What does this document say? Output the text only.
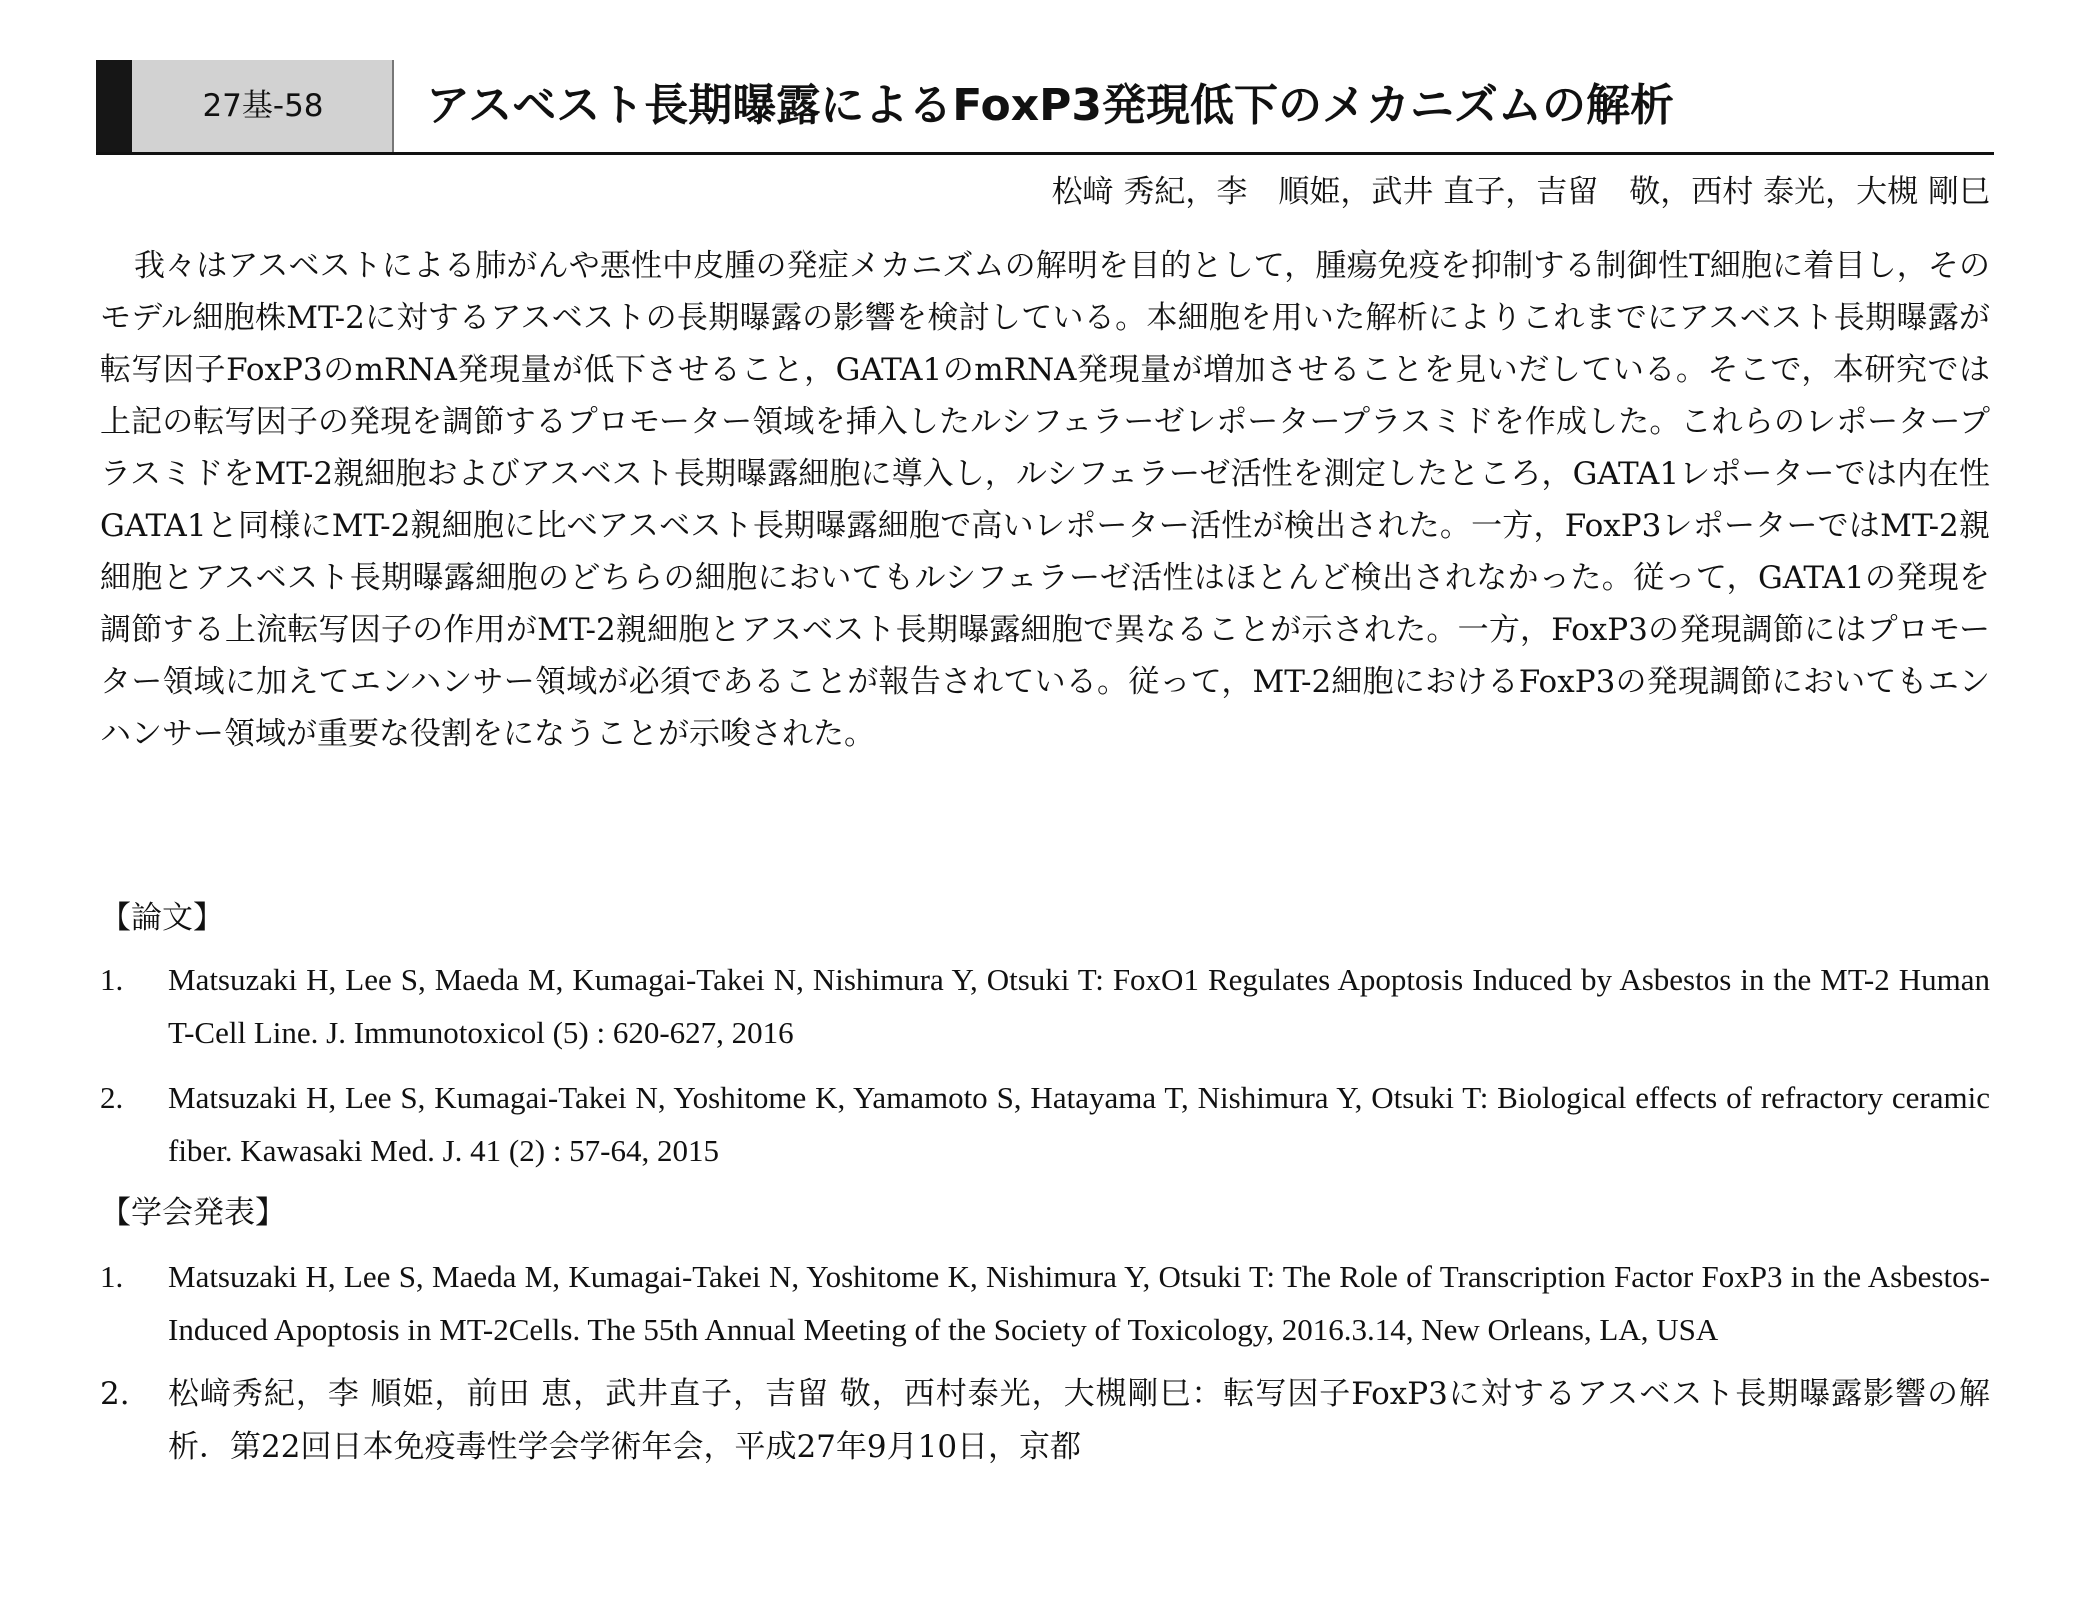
27基-58	アスベスト長期曝露によるFoxP3発現低下のメカニズムの解析
松﨑 秀紀，李　順姫，武井 直子，吉留　敬，西村 泰光，大槻 剛巳

我々はアスベストによる肺がんや悪性中皮腫の発症メカニズムの解明を目的として，腫瘍免疫を抑制する制御性T細胞に着目し，そのモデル細胞株MT-2に対するアスベストの長期曝露の影響を検討している。本細胞を用いた解析によりこれまでにアスベスト長期曝露が転写因子FoxP3のmRNA発現量が低下させること，GATA1のmRNA発現量が増加させることを見いだしている。そこで，本研究では上記の転写因子の発現を調節するプロモーター領域を挿入したルシフェラーゼレポータープラスミドを作成した。これらのレポータープラスミドをMT-2親細胞およびアスベスト長期曝露細胞に導入し，ルシフェラーゼ活性を測定したところ，GATA1レポーターでは内在性GATA1と同様にMT-2親細胞に比べアスベスト長期曝露細胞で高いレポーター活性が検出された。一方，FoxP3レポーターではMT-2親細胞とアスベスト長期曝露細胞のどちらの細胞においてもルシフェラーゼ活性はほとんど検出されなかった。従って，GATA1の発現を調節する上流転写因子の作用がMT-2親細胞とアスベスト長期曝露細胞で異なることが示された。一方，FoxP3の発現調節にはプロモーター領域に加えてエンハンサー領域が必須であることが報告されている。従って，MT-2細胞におけるFoxP3の発現調節においてもエンハンサー領域が重要な役割をになうことが示唆された。

【論文】
1.	Matsuzaki H, Lee S, Maeda M, Kumagai-Takei N, Nishimura Y, Otsuki T: FoxO1 Regulates Apoptosis Induced by Asbestos in the MT-2 Human T-Cell Line. J. Immunotoxicol (5) : 620-627, 2016
2.	Matsuzaki H, Lee S, Kumagai-Takei N, Yoshitome K, Yamamoto S, Hatayama T, Nishimura Y, Otsuki T: Biological effects of refractory ceramic fiber. Kawasaki Med. J. 41 (2) : 57-64, 2015
【学会発表】
1.	Matsuzaki H, Lee S, Maeda M, Kumagai-Takei N, Yoshitome K, Nishimura Y, Otsuki T: The Role of Transcription Factor FoxP3 in the Asbestos-Induced Apoptosis in MT-2Cells. The 55th Annual Meeting of the Society of Toxicology, 2016.3.14, New Orleans, LA, USA
2.	松﨑秀紀，李 順姫，前田 恵，武井直子，吉留 敬，西村泰光，大槻剛巳：転写因子FoxP3に対するアスベスト長期曝露影響の解析．第22回日本免疫毒性学会学術年会，平成27年9月10日，京都
